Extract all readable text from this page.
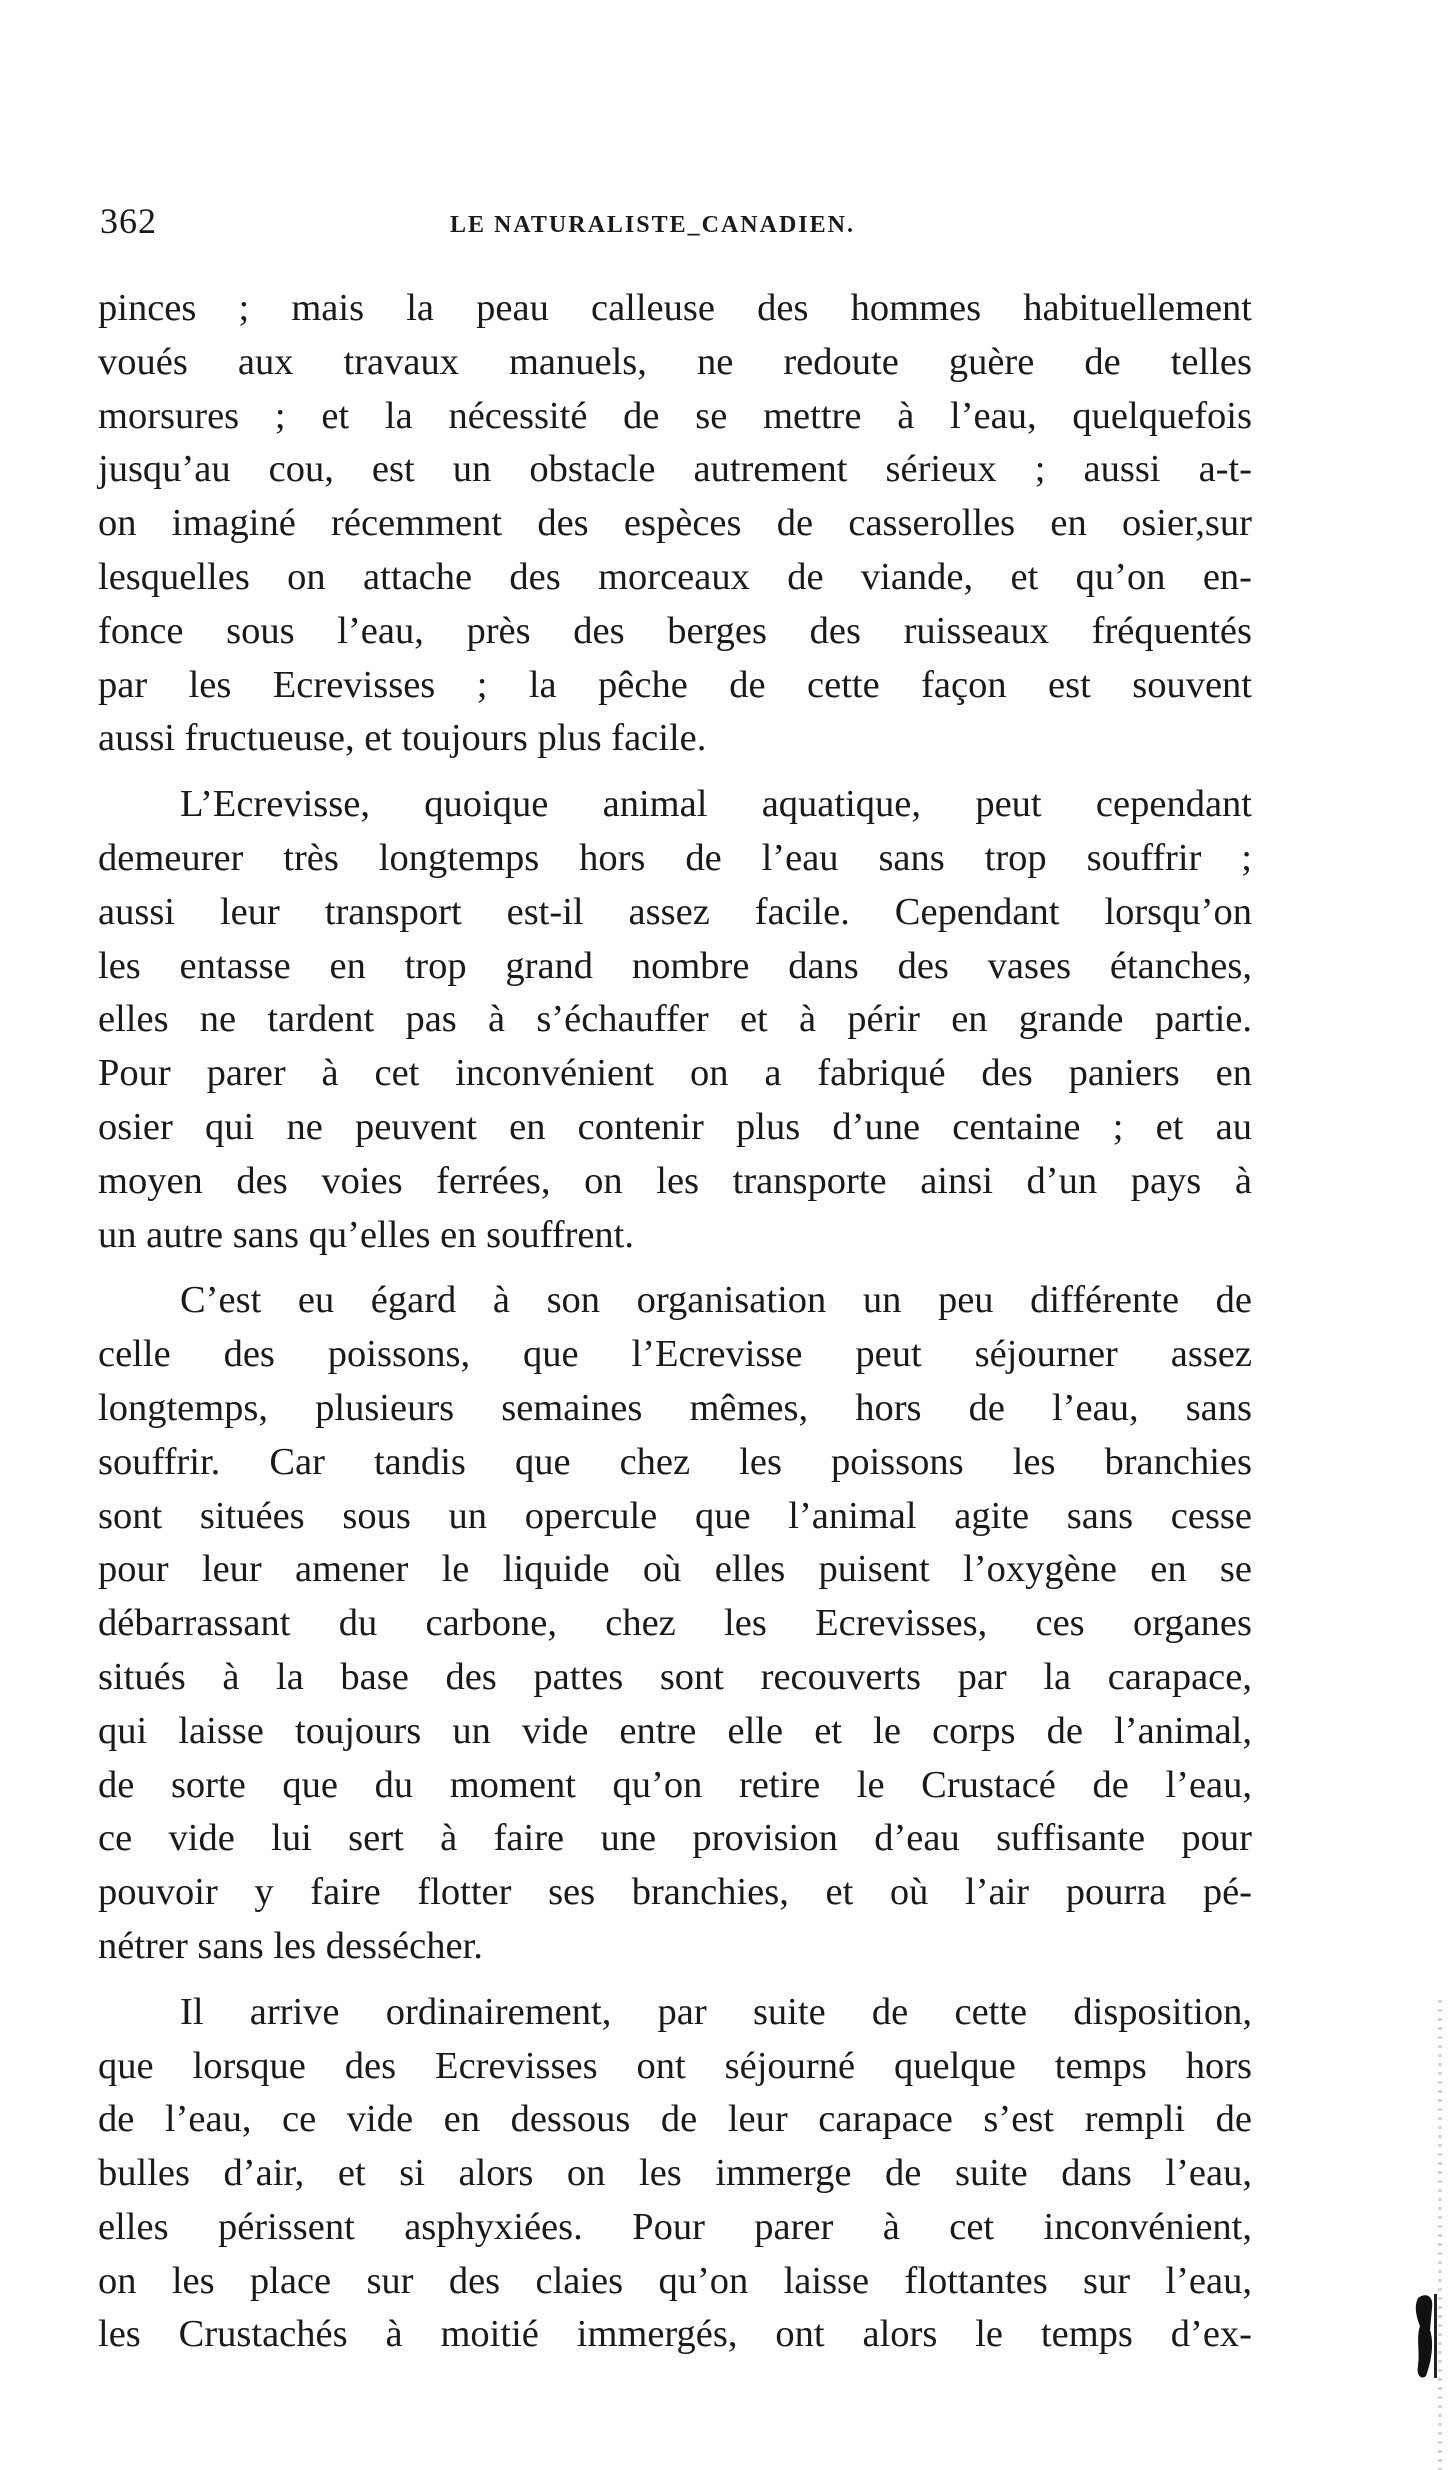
362	LE NATURALISTE_CANADIEN.
pinces ; mais la peau calleuse des hommes habituellement
voués aux travaux manuels, ne redoute guère de telles
morsures ; et la nécessité de se mettre à l’eau, quelquefois
jusqu’au cou, est un obstacle autrement sérieux ; aussi a-t-
on imaginé récemment des espèces de casserolles en osier,sur
lesquelles on attache des morceaux de viande, et qu’on en-
fonce sous l’eau, près des berges des ruisseaux fréquentés
par les Ecrevisses ; la pêche de cette façon est souvent
aussi fructueuse, et toujours plus facile.
L’Ecrevisse, quoique animal aquatique, peut cependant
demeurer très longtemps hors de l’eau sans trop souffrir ;
aussi leur transport est-il assez facile. Cependant lorsqu’on
les entasse en trop grand nombre dans des vases étanches,
elles ne tardent pas à s’échauffer et à périr en grande partie.
Pour parer à cet inconvénient on a fabriqué des paniers en
osier qui ne peuvent en contenir plus d’une centaine ; et au
moyen des voies ferrées, on les transporte ainsi d’un pays à
un autre sans qu’elles en souffrent.
C’est eu égard à son organisation un peu différente de
celle des poissons, que l’Ecrevisse peut séjourner assez
longtemps, plusieurs semaines mêmes, hors de l’eau, sans
souffrir. Car tandis que chez les poissons les branchies
sont situées sous un opercule que l’animal agite sans cesse
pour leur amener le liquide où elles puisent l’oxygène en se
débarrassant du carbone, chez les Ecrevisses, ces organes
situés à la base des pattes sont recouverts par la carapace,
qui laisse toujours un vide entre elle et le corps de l’animal,
de sorte que du moment qu’on retire le Crustacé de l’eau,
ce vide lui sert à faire une provision d’eau suffisante pour
pouvoir y faire flotter ses branchies, et où l’air pourra pé-
nétrer sans les dessécher.
Il arrive ordinairement, par suite de cette disposition,
que lorsque des Ecrevisses ont séjourné quelque temps hors
de l’eau, ce vide en dessous de leur carapace s’est rempli de
bulles d’air, et si alors on les immerge de suite dans l’eau,
elles périssent asphyxiées. Pour parer à cet inconvénient,
on les place sur des claies qu’on laisse flottantes sur l’eau,
les Crustachés à moitié immergés, ont alors le temps d’ex-
